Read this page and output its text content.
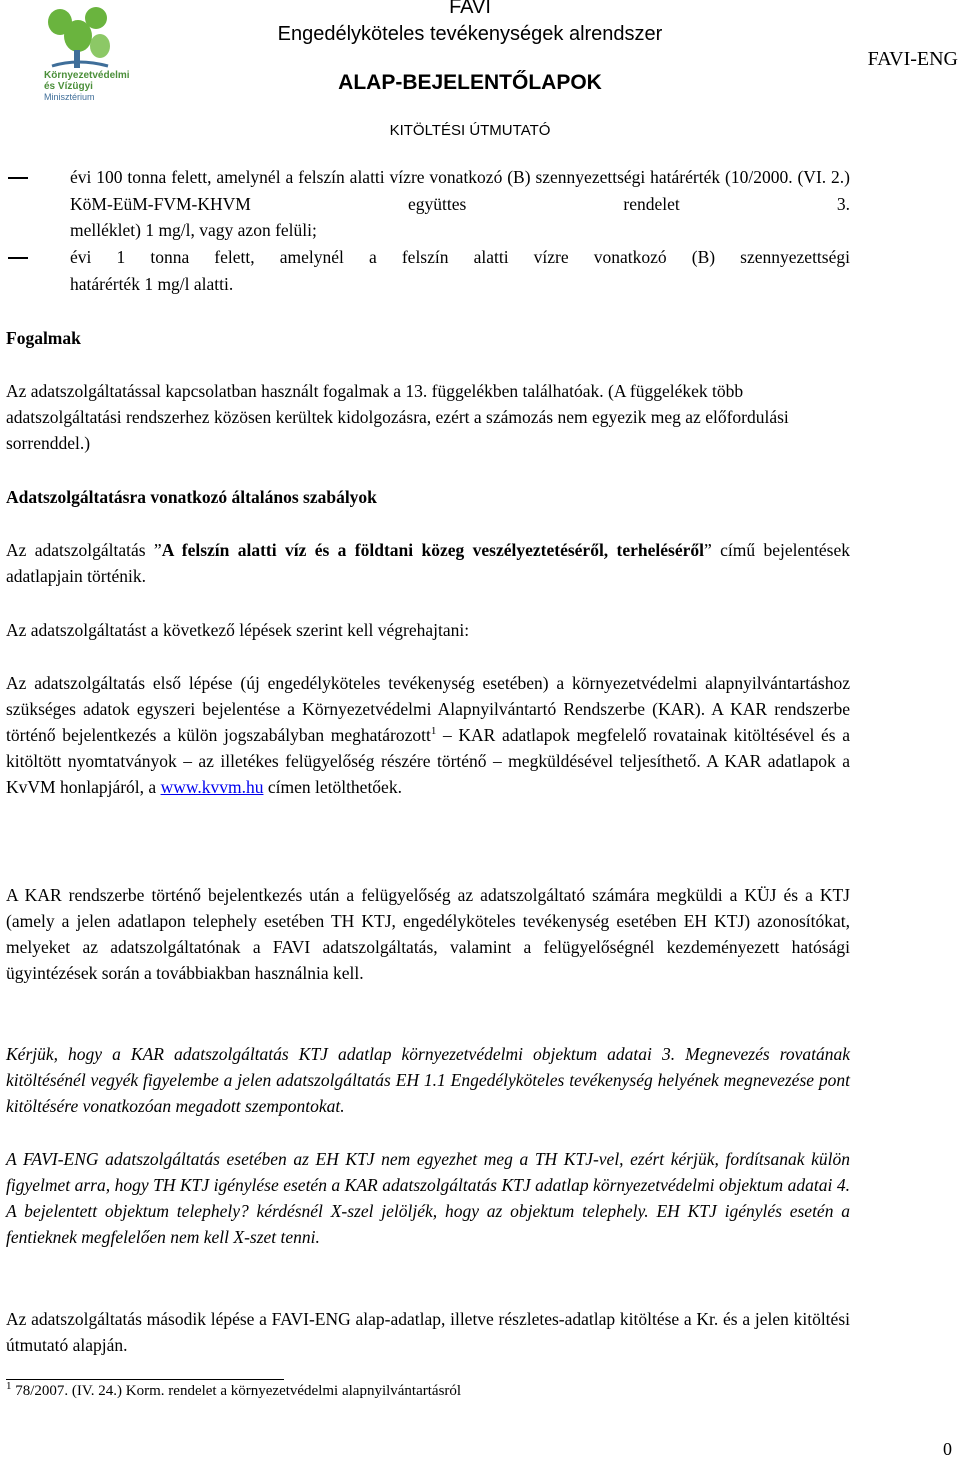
Környezetvédelmi
és Vízügyi
Minisztérium
FAVI
Engedélyköteles tevékenységek alrendszer
ALAP-BEJELENTŐLAPOK
KITÖLTÉSI ÚTMUTATÓ
FAVI-ENG
évi 100 tonna felett, amelynél a felszín alatti vízre vonatkozó (B) szennyezettségi határérték (10/2000. (VI. 2.) KöM-EüM-FVM-KHVM együttes rendelet 3.
melléklet) 1 mg/l, vagy azon felüli;
évi 1 tonna felett, amelynél a felszín alatti vízre vonatkozó (B) szennyezettségi
határérték 1 mg/l alatti.
Fogalmak
Az adatszolgáltatással kapcsolatban használt fogalmak a 13. függelékben találhatóak. (A függelékek több adatszolgáltatási rendszerhez közösen kerültek kidolgozásra, ezért a számozás nem egyezik meg az előfordulási sorrenddel.)
Adatszolgáltatásra vonatkozó általános szabályok
Az adatszolgáltatás ”A felszín alatti víz és a földtani közeg veszélyeztetéséről, terheléséről” című bejelentések adatlapjain történik.
Az adatszolgáltatást a következő lépések szerint kell végrehajtani:
Az adatszolgáltatás első lépése (új engedélyköteles tevékenység esetében) a környezetvédelmi alapnyilvántartáshoz szükséges adatok egyszeri bejelentése a Környezetvédelmi Alapnyilvántartó Rendszerbe (KAR). A KAR rendszerbe történő bejelentkezés a külön jogszabályban meghatározott$^1$ – KAR adatlapok megfelelő rovatainak kitöltésével és a kitöltött nyomtatványok – az illetékes felügyelőség részére történő – megküldésével teljesíthető. A KAR adatlapok a KvVM honlapjáról, a www.kvvm.hu címen letölthetőek.
A KAR rendszerbe történő bejelentkezés után a felügyelőség az adatszolgáltató számára megküldi a KÜJ és a KTJ (amely a jelen adatlapon telephely esetében TH KTJ, engedélyköteles tevékenység esetében EH KTJ) azonosítókat, melyeket az adatszolgáltatónak a FAVI adatszolgáltatás, valamint a felügyelőségnél kezdeményezett hatósági ügyintézések során a továbbiakban használnia kell.
Kérjük, hogy a KAR adatszolgáltatás KTJ adatlap környezetvédelmi objektum adatai 3. Megnevezés rovatának kitöltésénél vegyék figyelembe a jelen adatszolgáltatás EH 1.1 Engedélyköteles tevékenység helyének megnevezése pont kitöltésére vonatkozóan megadott szempontokat.
A FAVI-ENG adatszolgáltatás esetében az EH KTJ nem egyezhet meg a TH KTJ-vel, ezért kérjük, fordítsanak külön figyelmet arra, hogy TH KTJ igénylése esetén a KAR adatszolgáltatás KTJ adatlap környezetvédelmi objektum adatai 4. A bejelentett objektum telephely? kérdésnél X-szel jelöljék, hogy az objektum telephely. EH KTJ igénylés esetén a fentieknek megfelelően nem kell X-szet tenni.
Az adatszolgáltatás második lépése a FAVI-ENG alap-adatlap, illetve részletes-adatlap kitöltése a Kr. és a jelen kitöltési útmutató alapján.
$^1$ 78/2007. (IV. 24.) Korm. rendelet a környezetvédelmi alapnyilvántartásról
0
